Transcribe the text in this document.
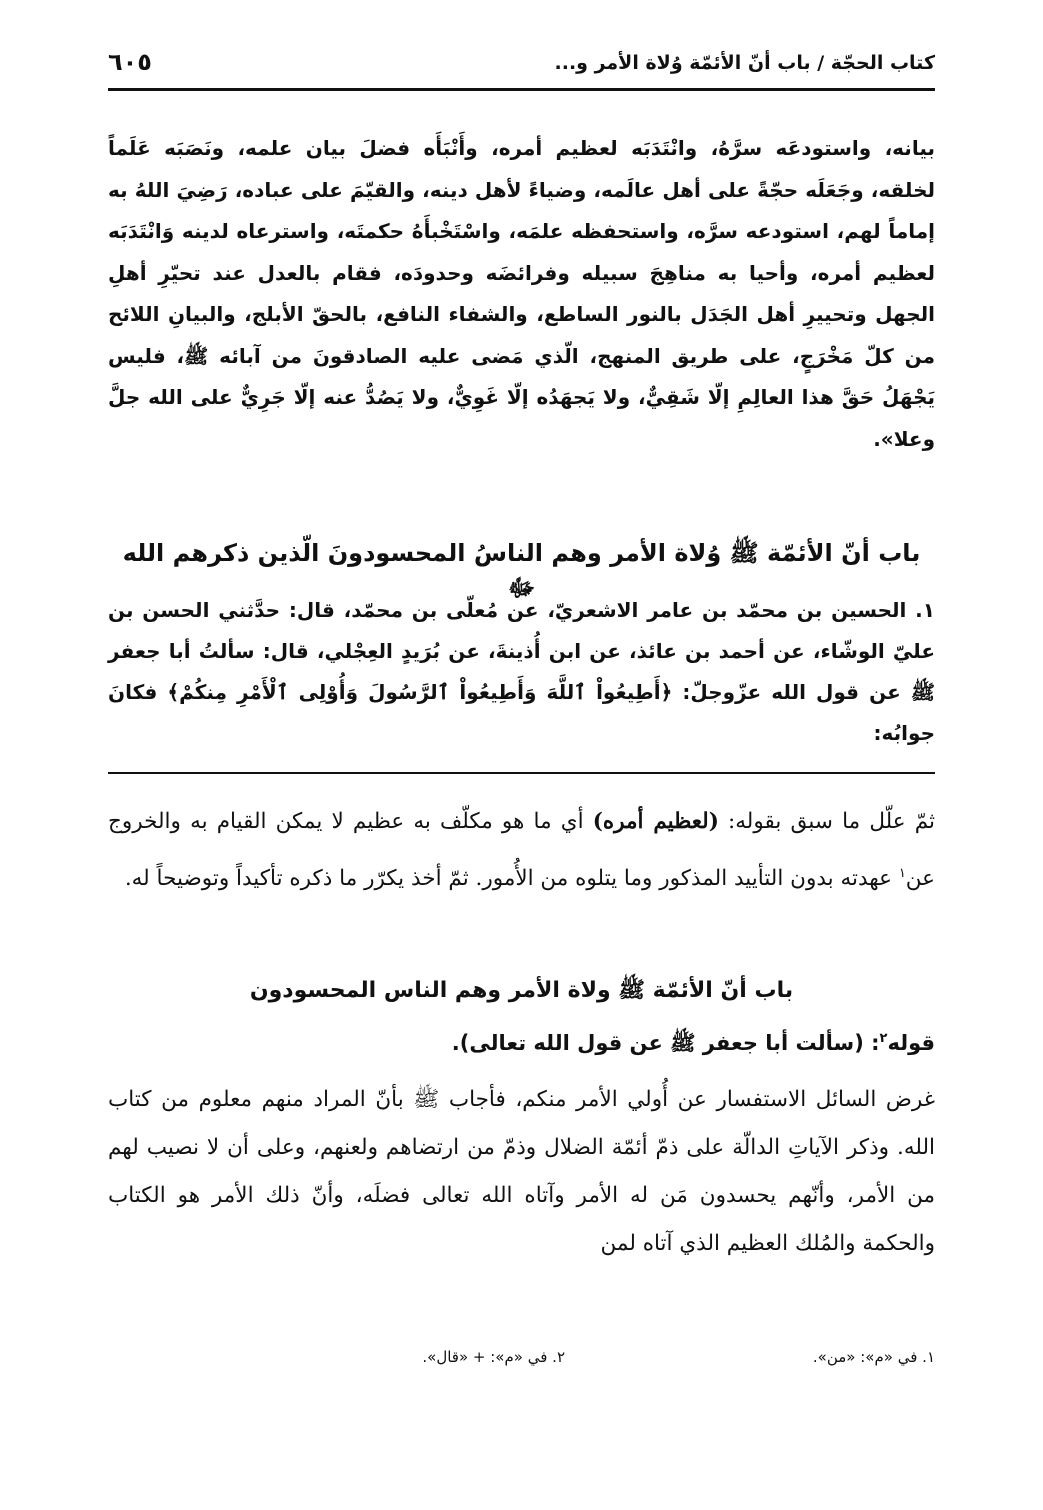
كتاب الحجّة / باب أنّ الأئمّة وُلاة الأمر و...
٦٠٥
بيانه، واستودعَه سرَّهُ، وانْتَدَبَه لعظيم أمره، وأَنْبَأَه فضلَ بيان علمه، ونَصَبَه عَلَماً لخلقه، وجَعَلَه حجّةً على أهل عالَمه، وضياءً لأهل دينه، والقيّمَ على عباده، رَضِيَ اللهُ به إماماً لهم، استودعه سرَّه، واستحفظه علمَه، واسْتَخْبأَهُ حكمتَه، واسترعاه لدينه وَانْتَدَبَه لعظيم أمره، وأحيا به مناهِجَ سبيله وفرائضَه وحدودَه، فقام بالعدل عند تحيّرِ أهلِ الجهل وتحييرِ أهل الجَدَل بالنور الساطع، والشفاء النافع، بالحقّ الأبلج، والبيانِ اللائح من كلّ مَخْرَجٍ، على طريق المنهج، الّذي مَضى عليه الصادقونَ من آبائه ﷺ، فليس يَجْهَلُ حَقَّ هذا العالِمِ إلّا شَقِيٌّ، ولا يَجهَدُه إلّا غَوِيٌّ، ولا يَصُدُّ عنه إلّا جَرِيٌّ على الله جلَّ وعلا».
باب أنّ الأئمّة ﷺ وُلاة الأمر وهم الناسُ المحسودونَ الّذين ذكرهم الله ﷻ
١. الحسين بن محمّد بن عامر الاشعريّ، عن مُعلّى بن محمّد، قال: حدَّثني الحسن بن عليّ الوشّاء، عن أحمد بن عائذ، عن ابن أُذينةَ، عن بُرَيدٍ العِجْلي، قال: سألتُ أبا جعفر ﷺ عن قول الله عزّوجلّ: ﴿أَطِيعُواْ ٱللَّهَ وَأَطِيعُواْ ٱلرَّسُولَ وَأُوْلِى ٱلْأَمْرِ مِنكُمْ﴾ فكانَ جوابُه:
ثمّ علّل ما سبق بقوله: (لعظيم أمره) أي ما هو مكلّف به عظيم لا يمكن القيام به والخروج عن$^١$ عهدته بدون التأييد المذكور وما يتلوه من الأُمور. ثمّ أخذ يكرّر ما ذكره تأكيداً وتوضيحاً له.
باب أنّ الأئمّة ﷺ ولاة الأمر وهم الناس المحسودون
قوله$^٢$: (سألت أبا جعفر ﷺ عن قول الله تعالى).
غرض السائل الاستفسار عن أُولي الأمر منكم، فأجاب ﷺ بأنّ المراد منهم معلوم من كتاب الله. وذكر الآياتِ الدالّة على ذمّ أئمّة الضلال وذمّ من ارتضاهم ولعنهم، وعلى أن لا نصيب لهم من الأمر، وأنّهم يحسدون مَن له الأمر وآتاه الله تعالى فضلَه، وأنّ ذلك الأمر هو الكتاب والحكمة والمُلك العظيم الذي آتاه لمن
١. في «م»: «من».
٢. في «م»: + «قال».
